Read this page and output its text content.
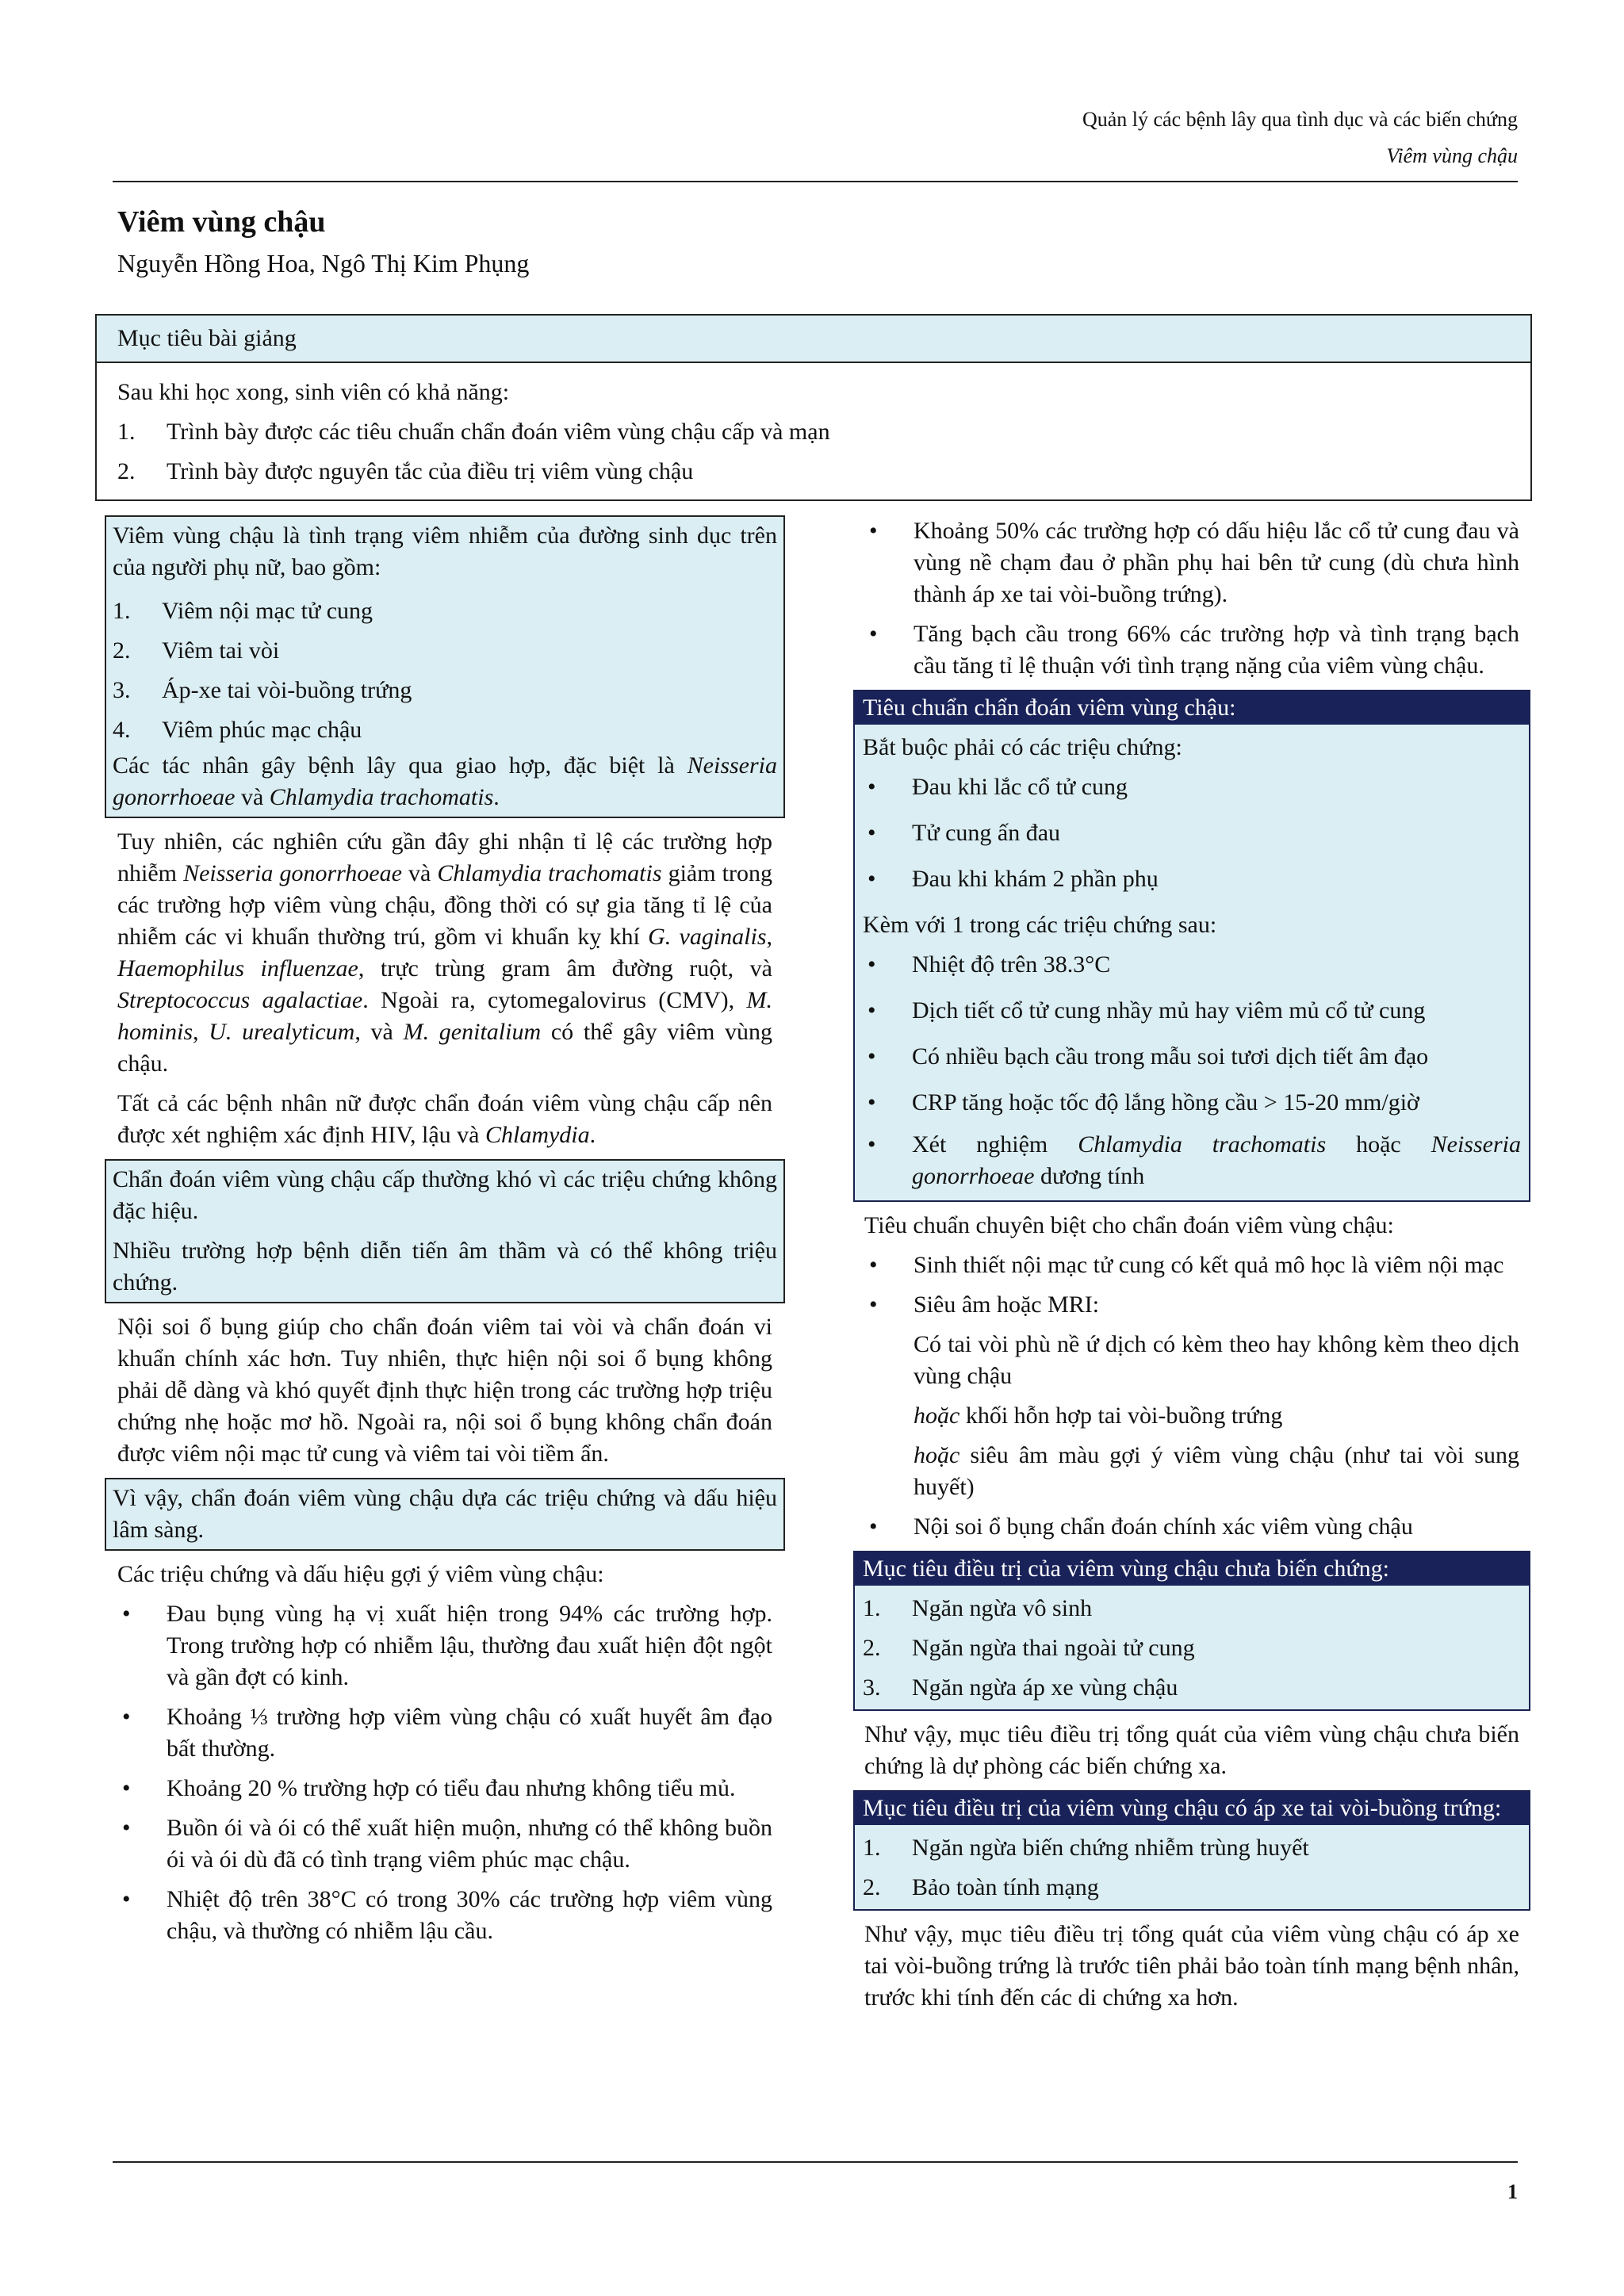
Quản lý các bệnh lây qua tình dục và các biến chứng
Viêm vùng chậu
Viêm vùng chậu
Nguyễn Hồng Hoa, Ngô Thị Kim Phụng
Mục tiêu bài giảng
Sau khi học xong, sinh viên có khả năng:
1. Trình bày được các tiêu chuẩn chẩn đoán viêm vùng chậu cấp và mạn
2. Trình bày được nguyên tắc của điều trị viêm vùng chậu

Viêm vùng chậu là tình trạng viêm nhiễm của đường sinh dục trên của người phụ nữ, bao gồm:

1. Viêm nội mạc tử cung
2. Viêm tai vòi
3. Áp-xe tai vòi-buồng trứng
4. Viêm phúc mạc chậu

Các tác nhân gây bệnh lây qua giao hợp, đặc biệt là Neisseria gonorrhoeae và Chlamydia trachomatis.

Tuy nhiên, các nghiên cứu gần đây ghi nhận tỉ lệ các trường hợp nhiễm Neisseria gonorrhoeae và Chlamydia trachomatis giảm trong các trường hợp viêm vùng chậu, đồng thời có sự gia tăng tỉ lệ của nhiễm các vi khuẩn thường trú, gồm vi khuẩn kỵ khí G. vaginalis, Haemophilus influenzae, trực trùng gram âm đường ruột, và Streptococcus agalactiae. Ngoài ra, cytomegalovirus (CMV), M. hominis, U. urealyticum, và M. genitalium có thể gây viêm vùng chậu.

Tất cả các bệnh nhân nữ được chẩn đoán viêm vùng chậu cấp nên được xét nghiệm xác định HIV, lậu và Chlamydia.

Chẩn đoán viêm vùng chậu cấp thường khó vì các triệu chứng không đặc hiệu.

Nhiều trường hợp bệnh diễn tiến âm thầm và có thể không triệu chứng.

Nội soi ổ bụng giúp cho chẩn đoán viêm tai vòi và chẩn đoán vi khuẩn chính xác hơn. Tuy nhiên, thực hiện nội soi ổ bụng không phải dễ dàng và khó quyết định thực hiện trong các trường hợp triệu chứng nhẹ hoặc mơ hồ. Ngoài ra, nội soi ổ bụng không chẩn đoán được viêm nội mạc tử cung và viêm tai vòi tiềm ẩn.

Vì vậy, chẩn đoán viêm vùng chậu dựa các triệu chứng và dấu hiệu lâm sàng.

Các triệu chứng và dấu hiệu gợi ý viêm vùng chậu:

• Đau bụng vùng hạ vị xuất hiện trong 94% các trường hợp. Trong trường hợp có nhiễm lậu, thường đau xuất hiện đột ngột và gần đợt có kinh.
• Khoảng ⅓ trường hợp viêm vùng chậu có xuất huyết âm đạo bất thường.
• Khoảng 20 % trường hợp có tiểu đau nhưng không tiểu mủ.
• Buồn ói và ói có thể xuất hiện muộn, nhưng có thể không buồn ói và ói dù đã có tình trạng viêm phúc mạc chậu.
• Nhiệt độ trên 38°C có trong 30% các trường hợp viêm vùng chậu, và thường có nhiễm lậu cầu.
• Khoảng 50% các trường hợp có dấu hiệu lắc cổ tử cung đau và vùng nề chạm đau ở phần phụ hai bên tử cung (dù chưa hình thành áp xe tai vòi-buồng trứng).
• Tăng bạch cầu trong 66% các trường hợp và tình trạng bạch cầu tăng tỉ lệ thuận với tình trạng nặng của viêm vùng chậu.
Tiêu chuẩn chẩn đoán viêm vùng chậu:
Bắt buộc phải có các triệu chứng:
• Đau khi lắc cổ tử cung
• Tử cung ấn đau
• Đau khi khám 2 phần phụ
Kèm với 1 trong các triệu chứng sau:
• Nhiệt độ trên 38.3°C
• Dịch tiết cổ tử cung nhầy mủ hay viêm mủ cổ tử cung
• Có nhiều bạch cầu trong mẫu soi tươi dịch tiết âm đạo
• CRP tăng hoặc tốc độ lắng hồng cầu > 15-20 mm/giờ
• Xét nghiệm Chlamydia trachomatis hoặc Neisseria gonorrhoeae dương tính

Tiêu chuẩn chuyên biệt cho chẩn đoán viêm vùng chậu:

• Sinh thiết nội mạc tử cung có kết quả mô học là viêm nội mạc
• Siêu âm hoặc MRI:
Có tai vòi phù nề ứ dịch có kèm theo hay không kèm theo dịch vùng chậu
hoặc khối hỗn hợp tai vòi-buồng trứng
hoặc siêu âm màu gợi ý viêm vùng chậu (như tai vòi sung huyết)
• Nội soi ổ bụng chẩn đoán chính xác viêm vùng chậu
Mục tiêu điều trị của viêm vùng chậu chưa biến chứng:
1. Ngăn ngừa vô sinh
2. Ngăn ngừa thai ngoài tử cung
3. Ngăn ngừa áp xe vùng chậu

Như vậy, mục tiêu điều trị tổng quát của viêm vùng chậu chưa biến chứng là dự phòng các biến chứng xa.

Mục tiêu điều trị của viêm vùng chậu có áp xe tai vòi-buồng trứng:
1. Ngăn ngừa biến chứng nhiễm trùng huyết
2. Bảo toàn tính mạng

Như vậy, mục tiêu điều trị tổng quát của viêm vùng chậu có áp xe tai vòi-buồng trứng là trước tiên phải bảo toàn tính mạng bệnh nhân, trước khi tính đến các di chứng xa hơn.

1
